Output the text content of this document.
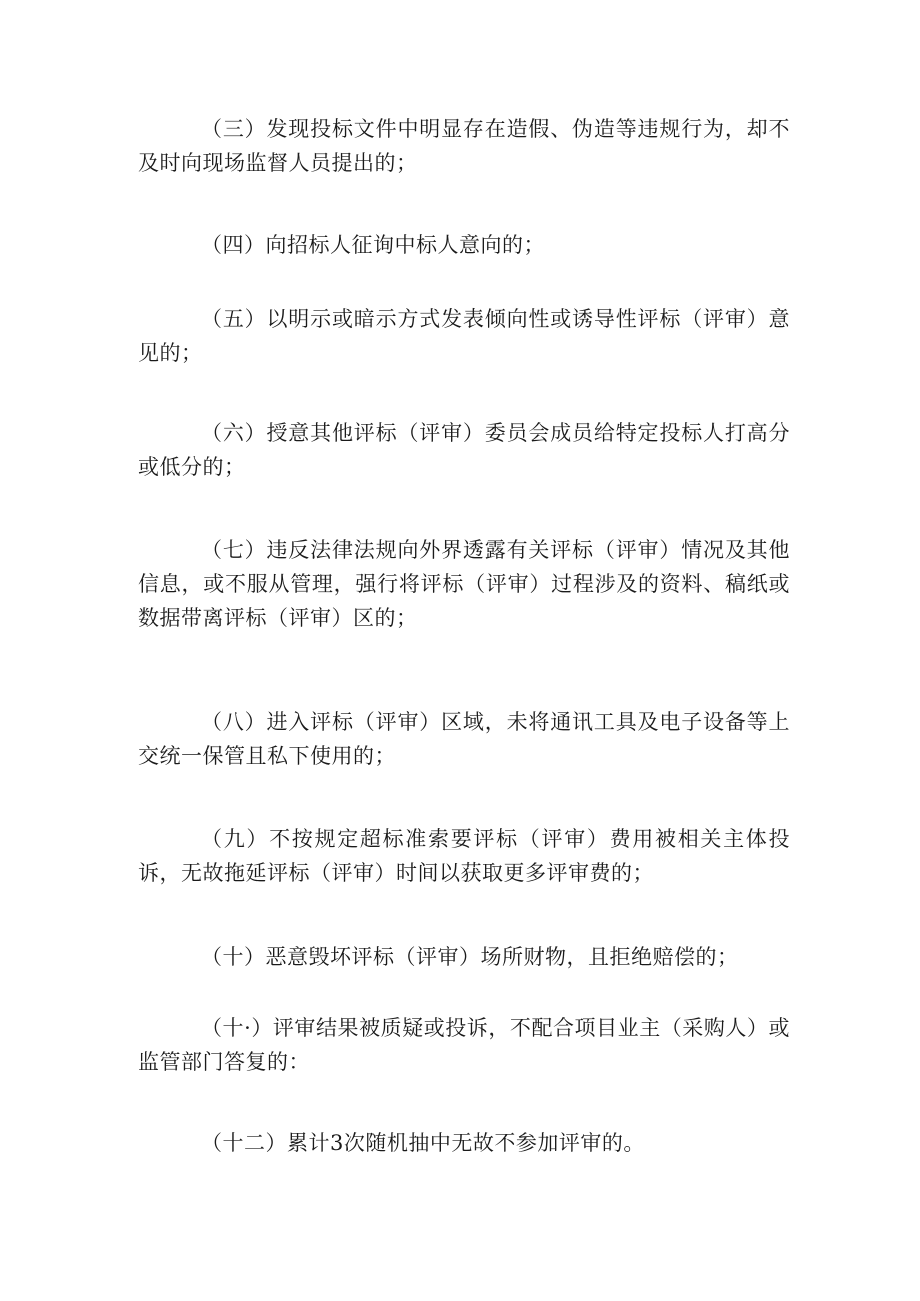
（三）发现投标文件中明显存在造假、伪造等违规行为，却不及时向现场监督人员提出的；

（四）向招标人征询中标人意向的；

（五）以明示或暗示方式发表倾向性或诱导性评标（评审）意见的；

（六）授意其他评标（评审）委员会成员给特定投标人打高分或低分的；

（七）违反法律法规向外界透露有关评标（评审）情况及其他信息，或不服从管理，强行将评标（评审）过程涉及的资料、稿纸或数据带离评标（评审）区的；

（八）进入评标（评审）区域，未将通讯工具及电子设备等上交统一保管且私下使用的；

（九）不按规定超标准索要评标（评审）费用被相关主体投诉，无故拖延评标（评审）时间以获取更多评审费的；

（十）恶意毁坏评标（评审）场所财物，且拒绝赔偿的；

（十·）评审结果被质疑或投诉，不配合项目业主（采购人）或监管部门答复的：

（十二）累计3次随机抽中无故不参加评审的。
